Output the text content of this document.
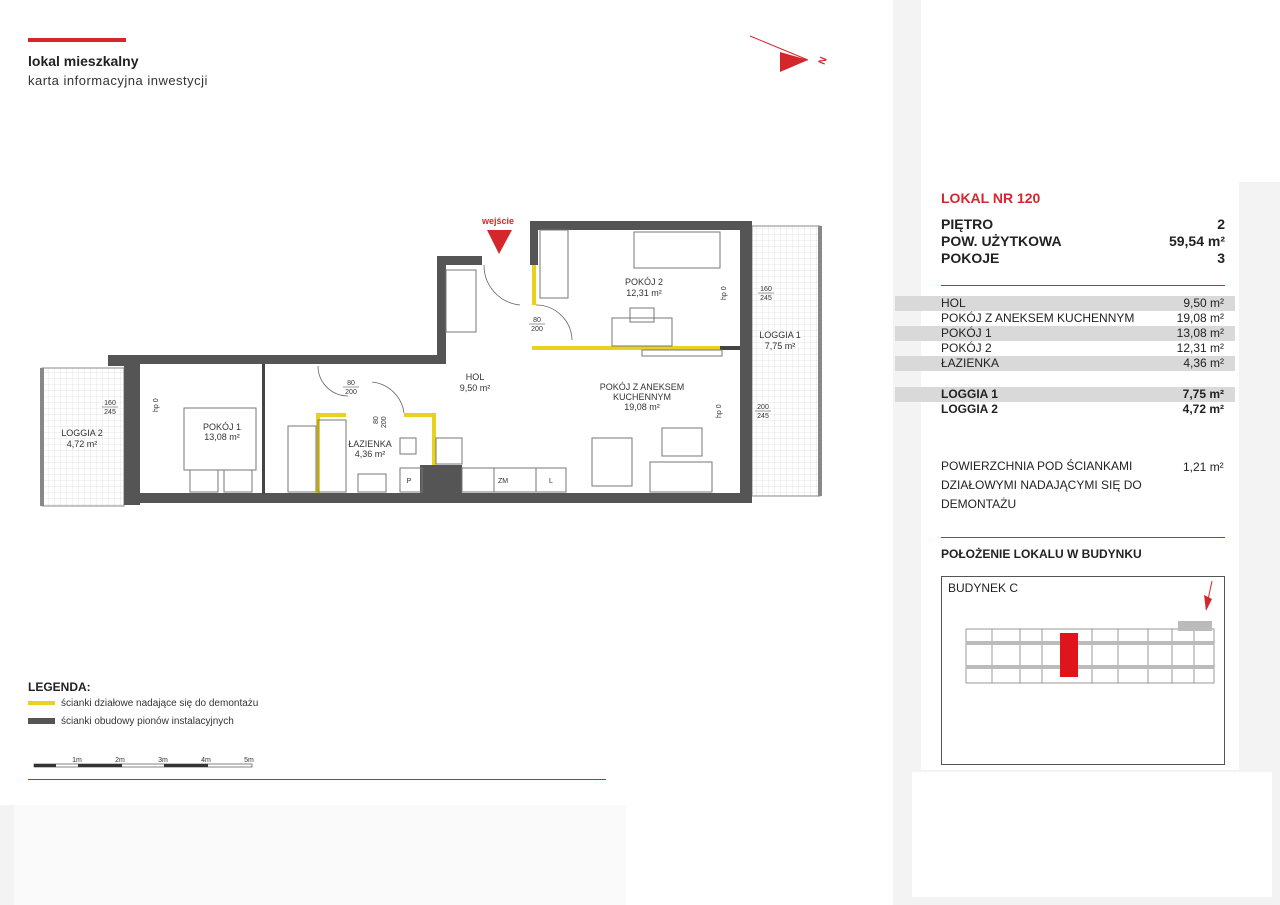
lokal mieszkalny
karta informacyjna inwestycji
N
wejście
POKÓJ 2
12,31 m²
LOGGIA 1
7,75 m²
HOL
9,50 m²	POKÓJ Z ANEKSEM
KUCHENNYM
19,08 m²
POKÓJ 1
13,08 m²
ŁAZIENKA
4,36 m²
LOGGIA 2
4,72 m²
80
200
160
245
200
245
80
200
160
245
80 200
hp 0
hp 0
hp 0
P	ZM	L
LEGENDA:
ścianki działowe nadające się do demontażu
ścianki obudowy pionów instalacyjnych
1m	2m	3m	4m	5m
LOKAL NR 120
PIĘTRO	2
POW. UŻYTKOWA	59,54 m²
POKOJE	3
HOL	9,50 m²
POKÓJ Z ANEKSEM KUCHENNYM	19,08 m²
POKÓJ 1	13,08 m²
POKÓJ 2	12,31 m²
ŁAZIENKA	4,36 m²
LOGGIA 1	7,75 m²
LOGGIA 2	4,72 m²
POWIERZCHNIA POD ŚCIANKAMI DZIAŁOWYMI NADAJĄCYMI SIĘ DO DEMONTAŻU
1,21 m²
POŁOŻENIE LOKALU W BUDYNKU
BUDYNEK C
